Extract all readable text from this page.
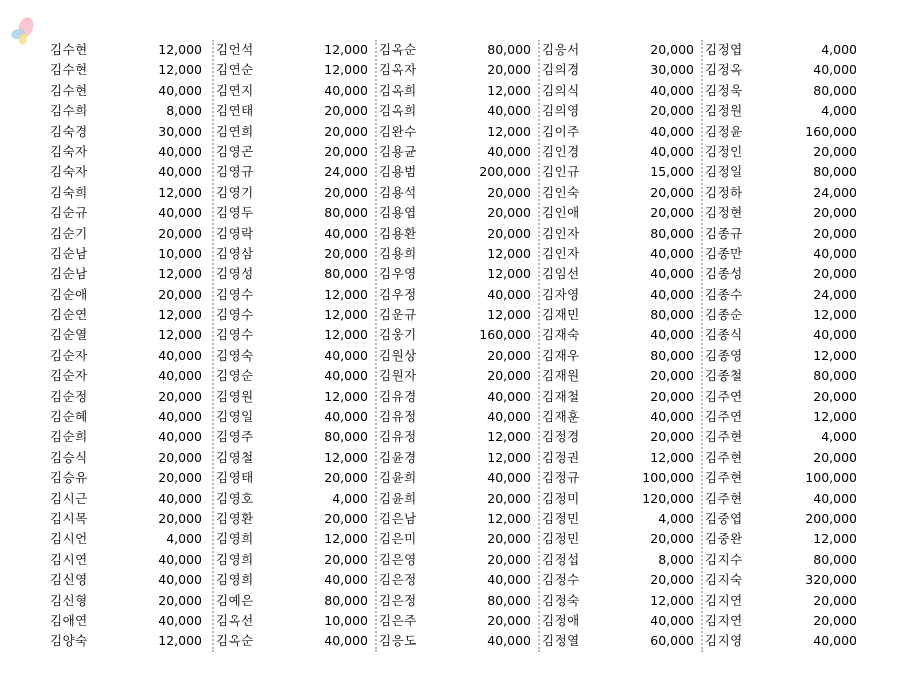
김수현	12,000
김수현	12,000
김수현	40,000
김수희	8,000
김숙경	30,000
김숙자	40,000
김숙자	40,000
김숙희	12,000
김순규	40,000
김순기	20,000
김순남	10,000
김순남	12,000
김순애	20,000
김순연	12,000
김순열	12,000
김순자	40,000
김순자	40,000
김순정	20,000
김순혜	40,000
김순희	40,000
김승식	20,000
김승유	20,000
김시근	40,000
김시목	20,000
김시언	4,000
김시연	40,000
김신영	40,000
김신형	20,000
김애연	40,000
김양숙	12,000
김언석	12,000
김연순	12,000
김연지	40,000
김연태	20,000
김연희	20,000
김영곤	20,000
김영규	24,000
김영기	20,000
김영두	80,000
김영락	40,000
김영삼	20,000
김영성	80,000
김영수	12,000
김영수	12,000
김영수	12,000
김영숙	40,000
김영순	40,000
김영원	12,000
김영일	40,000
김영주	80,000
김영철	12,000
김영태	20,000
김영호	4,000
김영환	20,000
김영희	12,000
김영희	20,000
김영희	40,000
김예은	80,000
김옥선	10,000
김옥순	40,000
김옥순	80,000
김옥자	20,000
김옥희	12,000
김옥희	40,000
김완수	12,000
김용균	40,000
김용범	200,000
김용석	20,000
김용엽	20,000
김용환	20,000
김용희	12,000
김우영	12,000
김우정	40,000
김운규	12,000
김웅기	160,000
김원상	20,000
김원자	20,000
김유경	40,000
김유정	40,000
김유정	12,000
김윤경	12,000
김윤희	40,000
김윤희	20,000
김은남	12,000
김은미	20,000
김은영	20,000
김은정	40,000
김은정	80,000
김은주	20,000
김응도	40,000
김응서	20,000
김의경	30,000
김의식	40,000
김의영	20,000
김이주	40,000
김인경	40,000
김인규	15,000
김인숙	20,000
김인애	20,000
김인자	80,000
김인자	40,000
김임선	40,000
김자영	40,000
김재민	80,000
김재숙	40,000
김재우	80,000
김재원	20,000
김재철	20,000
김재훈	40,000
김정경	20,000
김정권	12,000
김정규	100,000
김정미	120,000
김정민	4,000
김정민	20,000
김정섭	8,000
김정수	20,000
김정숙	12,000
김정애	40,000
김정열	60,000
김정엽	4,000
김정옥	40,000
김정욱	80,000
김정원	4,000
김정윤	160,000
김정인	20,000
김정일	80,000
김정하	24,000
김정현	20,000
김종규	20,000
김종만	40,000
김종성	20,000
김종수	24,000
김종순	12,000
김종식	40,000
김종영	12,000
김종철	80,000
김주연	20,000
김주연	12,000
김주현	4,000
김주현	20,000
김주현	100,000
김주현	40,000
김중엽	200,000
김중완	12,000
김지수	80,000
김지숙	320,000
김지연	20,000
김지연	20,000
김지영	40,000
